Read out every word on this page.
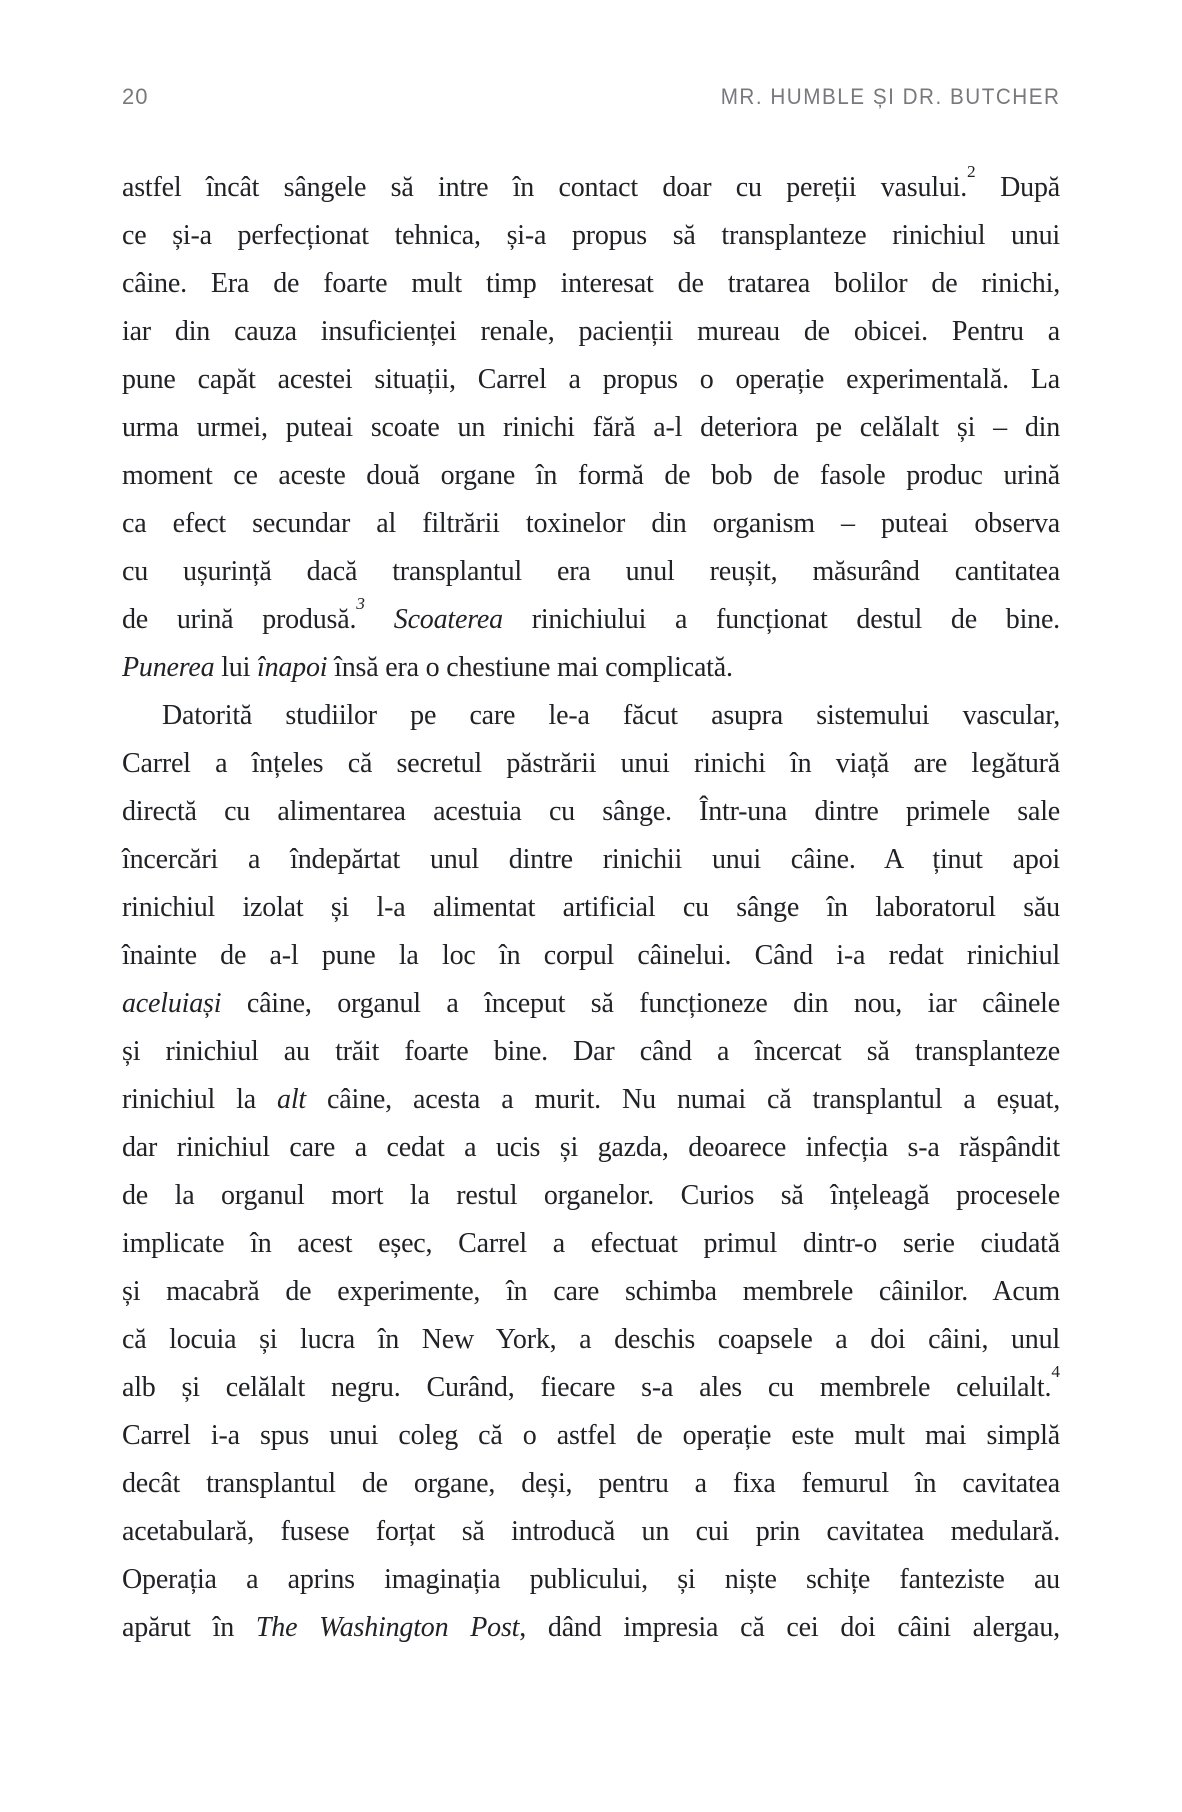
20	MR. HUMBLE ȘI DR. BUTCHER
astfel încât sângele să intre în contact doar cu pereții vasului.$^2$ După
ce și-a perfecționat tehnica, și-a propus să transplanteze rinichiul unui
câine. Era de foarte mult timp interesat de tratarea bolilor de rinichi,
iar din cauza insuficienței renale, pacienții mureau de obicei. Pentru a
pune capăt acestei situații, Carrel a propus o operație experimentală. La
urma urmei, puteai scoate un rinichi fără a-l deteriora pe celălalt și – din
moment ce aceste două organe în formă de bob de fasole produc urină
ca efect secundar al filtrării toxinelor din organism – puteai observa
cu ușurință dacă transplantul era unul reușit, măsurând cantitatea
de urină produsă.$^3$ Scoaterea rinichiului a funcționat destul de bine.
Punerea lui înapoi însă era o chestiune mai complicată.
Datorită studiilor pe care le-a făcut asupra sistemului vascular,
Carrel a înțeles că secretul păstrării unui rinichi în viață are legătură
directă cu alimentarea acestuia cu sânge. Într-una dintre primele sale
încercări a îndepărtat unul dintre rinichii unui câine. A ținut apoi
rinichiul izolat și l-a alimentat artificial cu sânge în laboratorul său
înainte de a-l pune la loc în corpul câinelui. Când i-a redat rinichiul
aceluiași câine, organul a început să funcționeze din nou, iar câinele
și rinichiul au trăit foarte bine. Dar când a încercat să transplanteze
rinichiul la alt câine, acesta a murit. Nu numai că transplantul a eșuat,
dar rinichiul care a cedat a ucis și gazda, deoarece infecția s-a răspândit
de la organul mort la restul organelor. Curios să înțeleagă procesele
implicate în acest eșec, Carrel a efectuat primul dintr-o serie ciudată
și macabră de experimente, în care schimba membrele câinilor. Acum
că locuia și lucra în New York, a deschis coapsele a doi câini, unul
alb și celălalt negru. Curând, fiecare s-a ales cu membrele celuilalt.$^4$
Carrel i-a spus unui coleg că o astfel de operație este mult mai simplă
decât transplantul de organe, deși, pentru a fixa femurul în cavitatea
acetabulară, fusese forțat să introducă un cui prin cavitatea medulară.
Operația a aprins imaginația publicului, și niște schițe fanteziste au
apărut în The Washington Post, dând impresia că cei doi câini alergau,
